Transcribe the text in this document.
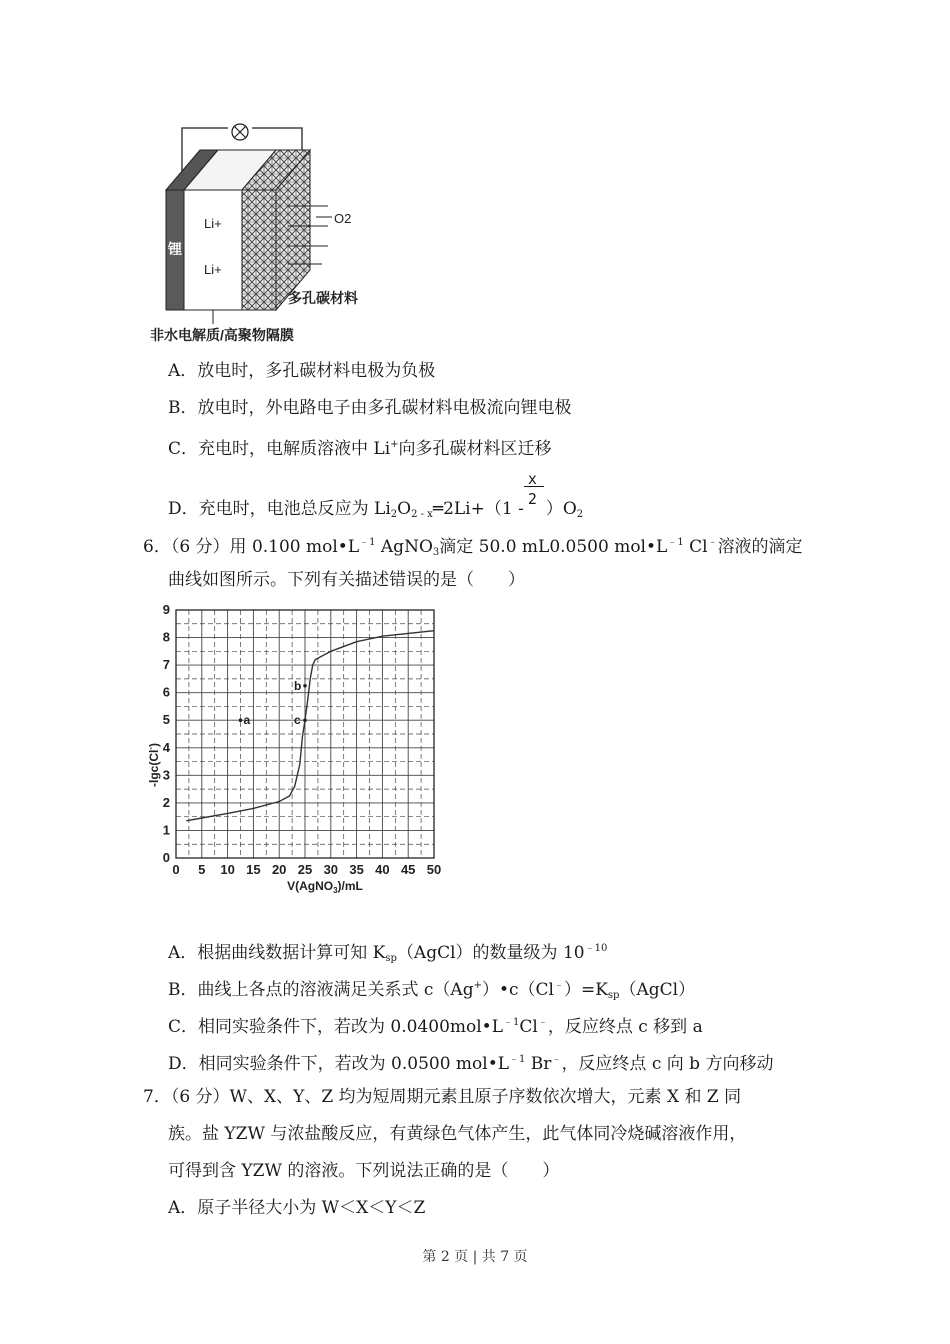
锂
Li+
Li+
O2
多孔碳材料
非水电解质/高聚物隔膜
A．放电时，多孔碳材料电极为负极
B．放电时，外电路电子由多孔碳材料电极流向锂电极
C．充电时，电解质溶液中 Li+向多孔碳材料区迁移
D．充电时，电池总反应为 $Li_2O_{2 - x}═2Li+(1 - \frac{x}{2} )O_2$
6．（6 分）用 0.100 $mol•L^{﹣1}$ AgNO$_3$滴定 50.0 mL0.0500 $mol•L^{﹣1}$ Cl﹣溶液的滴定
曲线如图所示。下列有关描述错误的是（　　）
0 5 10 15 20 25 30 35 40 45 50
0
1
2
3
4
5
6
7
8
9
a
b
c
V(AgNO$_3$)/mL
-lgc(Cl-)
A．根据曲线数据计算可知 $K_{sp}(AgCl)$的数量级为 $10^{﹣10}$
B．曲线上各点的溶液满足关系式 $c(Ag^+)•c(Cl^﹣)=K_{sp}(AgCl)$
C．相同实验条件下，若改为 $0.0400mol•L^{﹣1}Cl^﹣$，反应终点 c 移到 a
D．相同实验条件下，若改为 0.0500 $mol•L^{﹣1}$ Br﹣，反应终点 c 向 b 方向移动
7．（6 分）W、X、Y、Z 均为短周期元素且原子序数依次增大，元素 X 和 Z 同
族。盐 YZW 与浓盐酸反应，有黄绿色气体产生，此气体同冷烧碱溶液作用，
可得到含 YZW 的溶液。下列说法正确的是（　　）
A．原子半径大小为 W＜X＜Y＜Z
第 2 页 | 共 7 页
